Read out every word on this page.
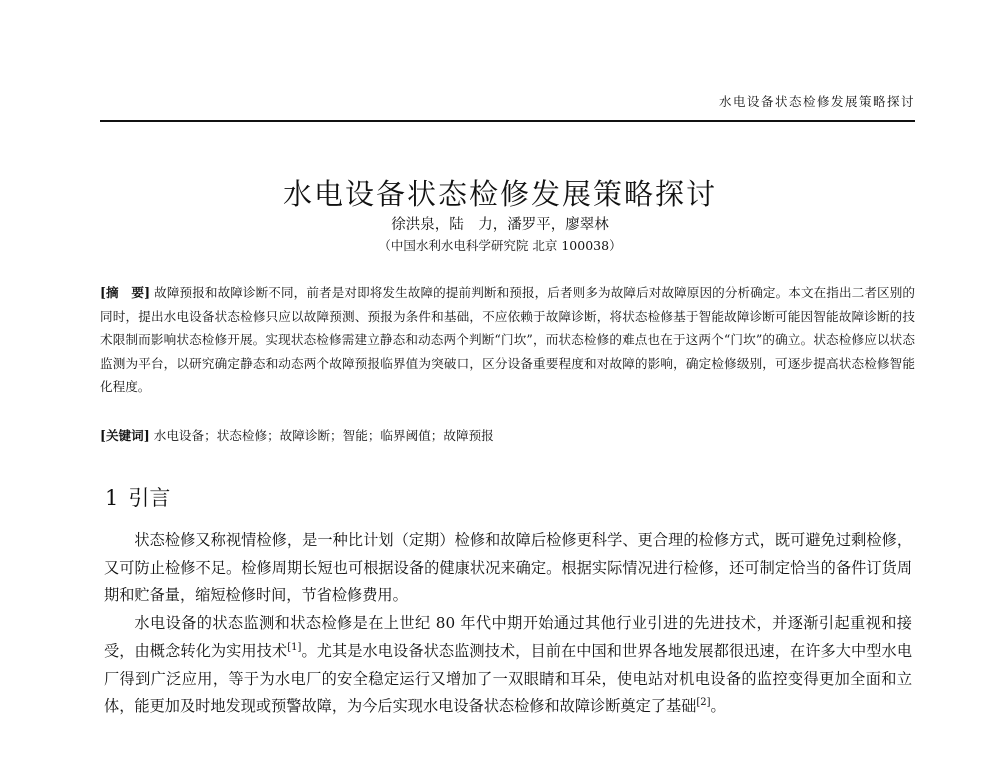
水电设备状态检修发展策略探讨
水电设备状态检修发展策略探讨
徐洪泉，陆　力，潘罗平，廖翠林
（中国水利水电科学研究院 北京 100038）
[摘　要] 故障预报和故障诊断不同，前者是对即将发生故障的提前判断和预报，后者则多为故障后对故障原因的分析确定。本文在指出二者区别的同时，提出水电设备状态检修只应以故障预测、预报为条件和基础，不应依赖于故障诊断，将状态检修基于智能故障诊断可能因智能故障诊断的技术限制而影响状态检修开展。实现状态检修需建立静态和动态两个判断“门坎”，而状态检修的难点也在于这两个“门坎”的确立。状态检修应以状态监测为平台，以研究确定静态和动态两个故障预报临界值为突破口，区分设备重要程度和对故障的影响，确定检修级别，可逐步提高状态检修智能化程度。
[关键词] 水电设备；状态检修；故障诊断；智能；临界阈值；故障预报
1 引言

状态检修又称视情检修，是一种比计划（定期）检修和故障后检修更科学、更合理的检修方式，既可避免过剩检修，又可防止检修不足。检修周期长短也可根据设备的健康状况来确定。根据实际情况进行检修，还可制定恰当的备件订货周期和贮备量，缩短检修时间，节省检修费用。

水电设备的状态监测和状态检修是在上世纪 80 年代中期开始通过其他行业引进的先进技术，并逐渐引起重视和接受，由概念转化为实用技术[1]。尤其是水电设备状态监测技术，目前在中国和世界各地发展都很迅速，在许多大中型水电厂得到广泛应用，等于为水电厂的安全稳定运行又增加了一双眼睛和耳朵，使电站对机电设备的监控变得更加全面和立体，能更加及时地发现或预警故障，为今后实现水电设备状态检修和故障诊断奠定了基础[2]。
